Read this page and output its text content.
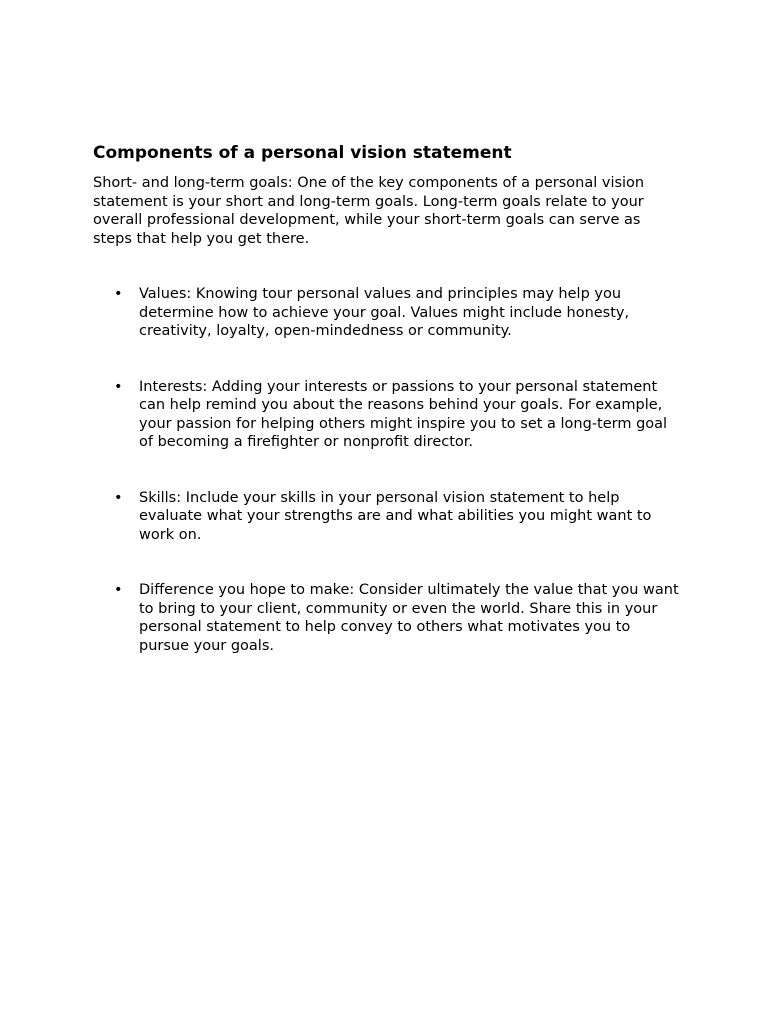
Components of a personal vision statement

Short- and long-term goals: One of the key components of a personal vision statement is your short and long-term goals. Long-term goals relate to your overall professional development, while your short-term goals can serve as steps that help you get there.

• Values: Knowing tour personal values and principles may help you determine how to achieve your goal. Values might include honesty, creativity, loyalty, open-mindedness or community.
• Interests: Adding your interests or passions to your personal statement can help remind you about the reasons behind your goals. For example, your passion for helping others might inspire you to set a long-term goal of becoming a firefighter or nonprofit director.
• Skills: Include your skills in your personal vision statement to help evaluate what your strengths are and what abilities you might want to work on.
• Difference you hope to make: Consider ultimately the value that you want to bring to your client, community or even the world. Share this in your personal statement to help convey to others what motivates you to pursue your goals.
